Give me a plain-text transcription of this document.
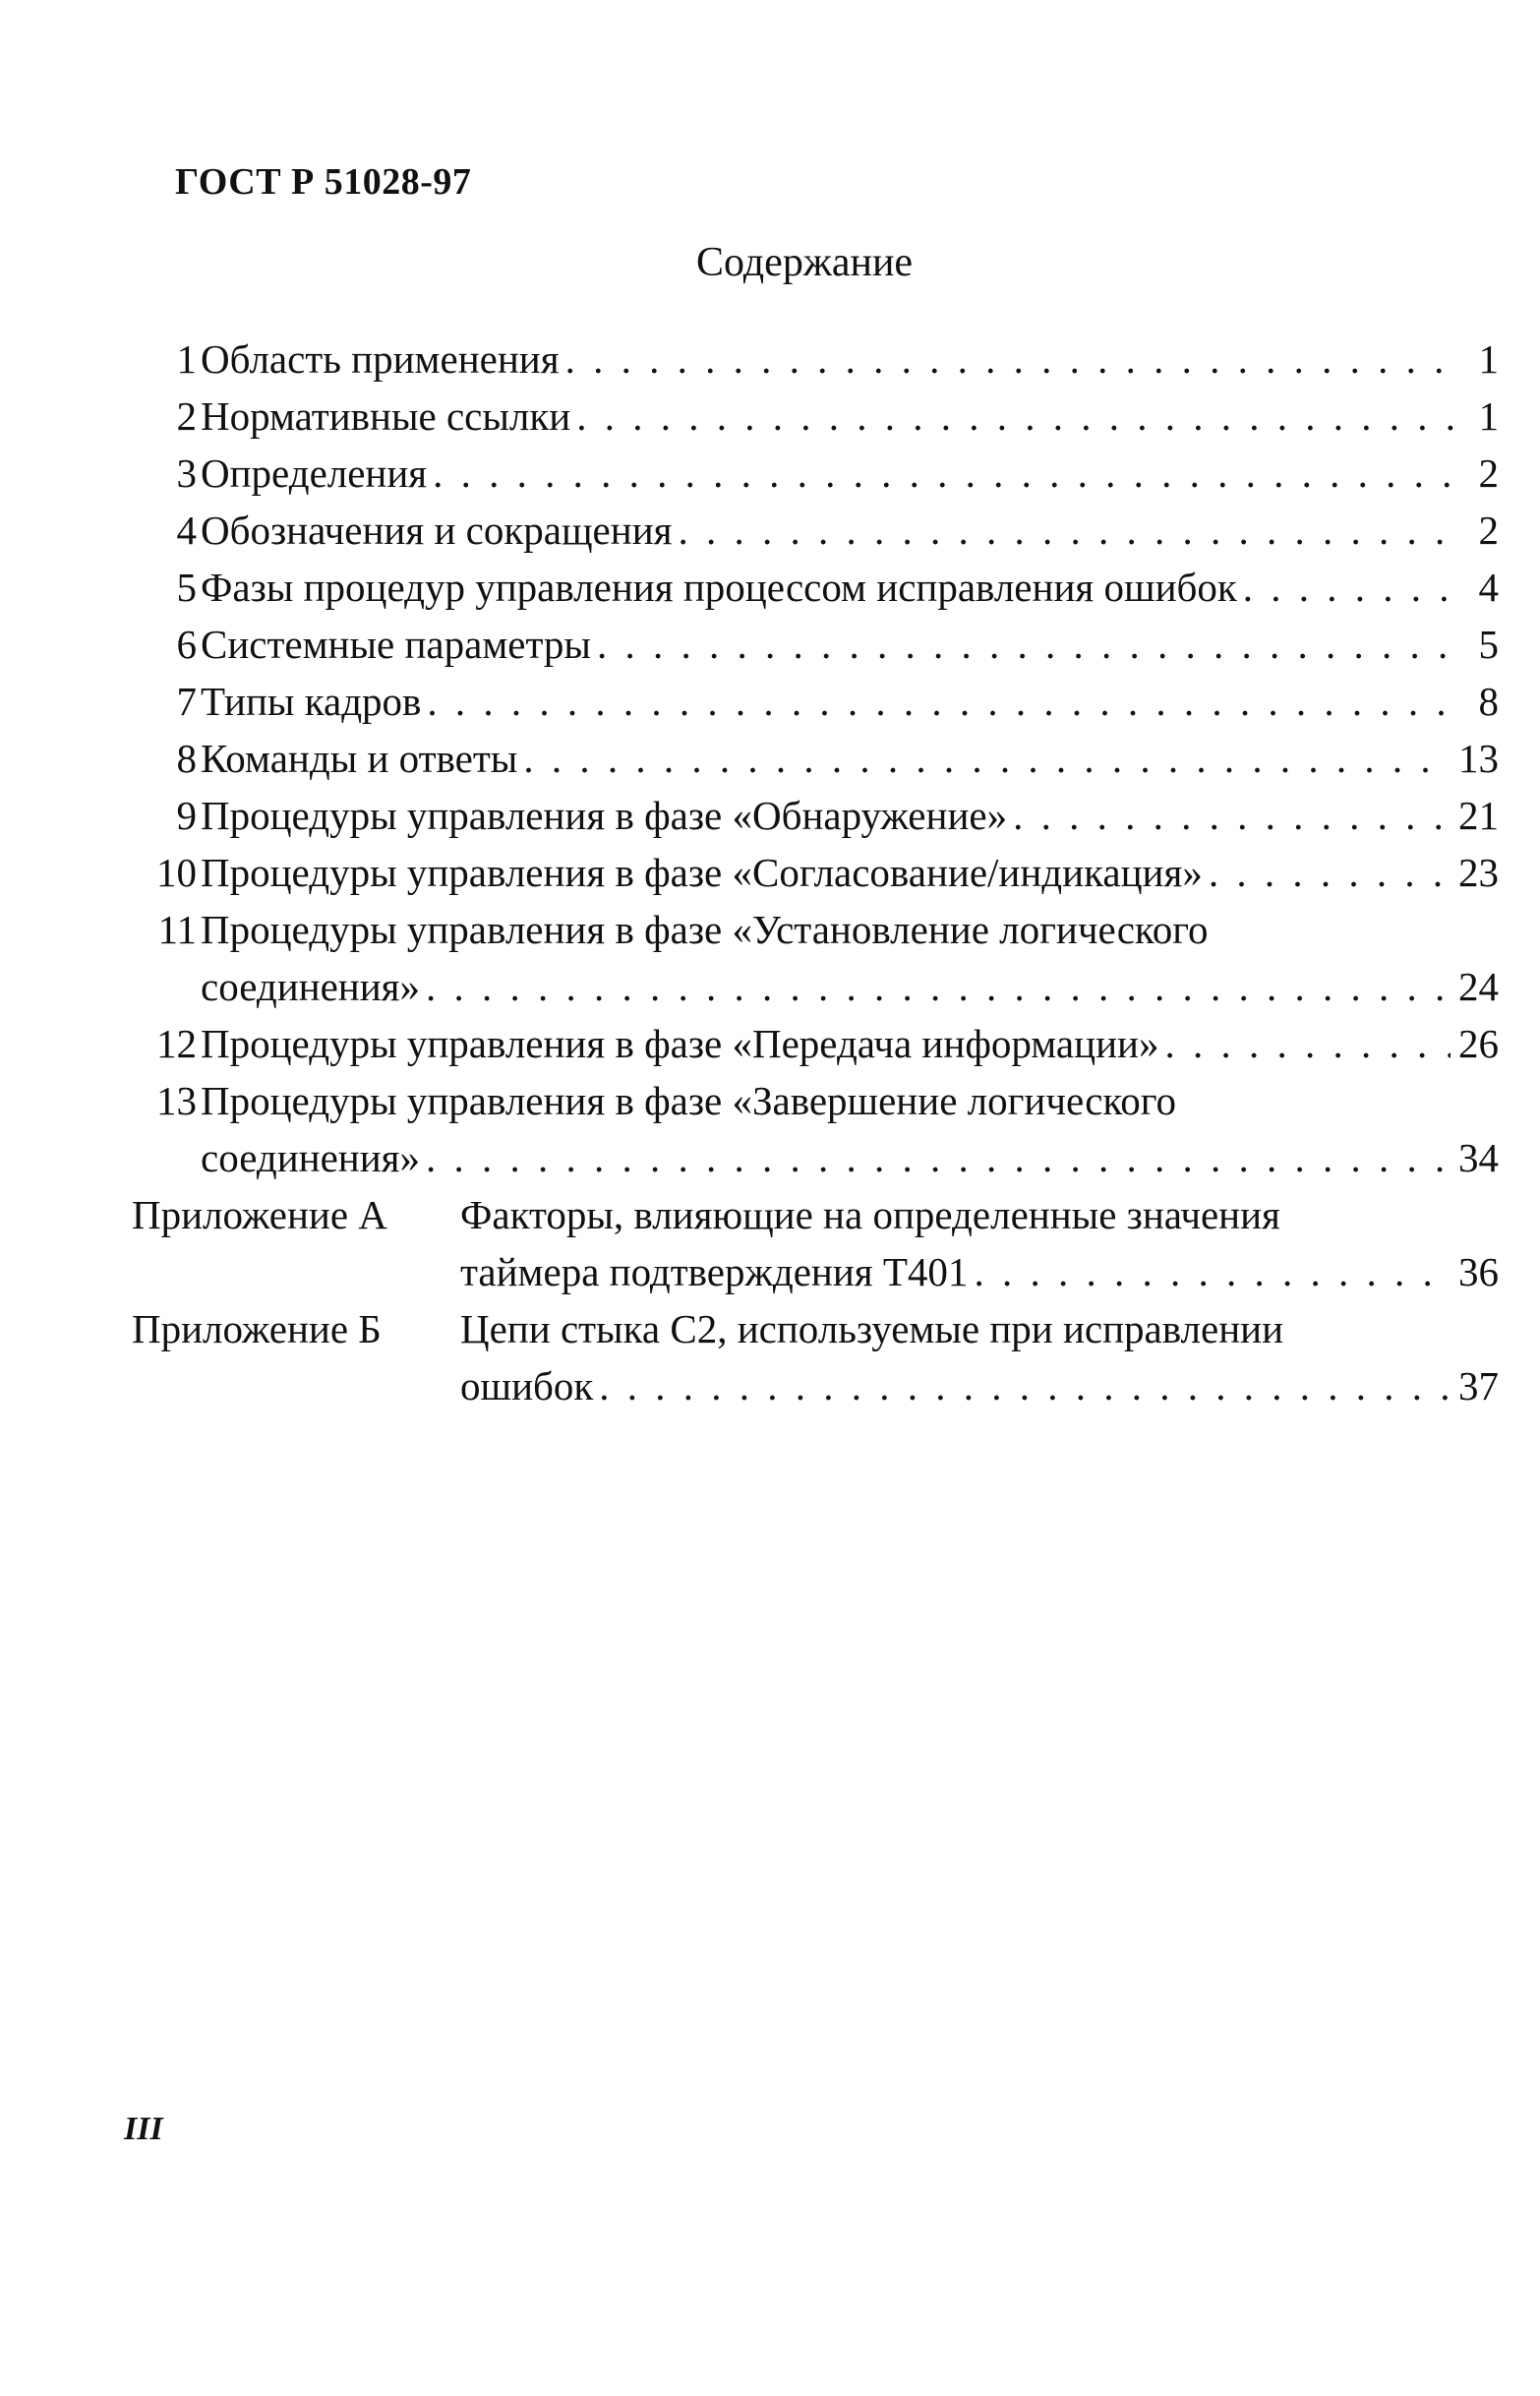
ГОСТ Р 51028-97
Содержание
1 Область применения . . .	1
2 Нормативные ссылки . . .	1
3 Определения . . .	2
4 Обозначения и сокращения . . .	2
5 Фазы процедур управления процессом исправления ошибок . . .	4
6 Системные параметры . . .	5
7 Типы кадров . . .	8
8 Команды и ответы . . .	13
9 Процедуры управления в фазе «Обнаружение» . . .	21
10 Процедуры управления в фазе «Согласование/индикация» . . .	23
11 Процедуры управления в фазе «Установление логического
соединения» . . .	24
12 Процедуры управления в фазе «Передача информации» . . .	26
13 Процедуры управления в фазе «Завершение логического
соединения» . . .	34
Приложение А Факторы, влияющие на определенные значения
таймера подтверждения Т401 . . .	36
Приложение Б Цепи стыка С2, используемые при исправлении
ошибок . . .	37
III
